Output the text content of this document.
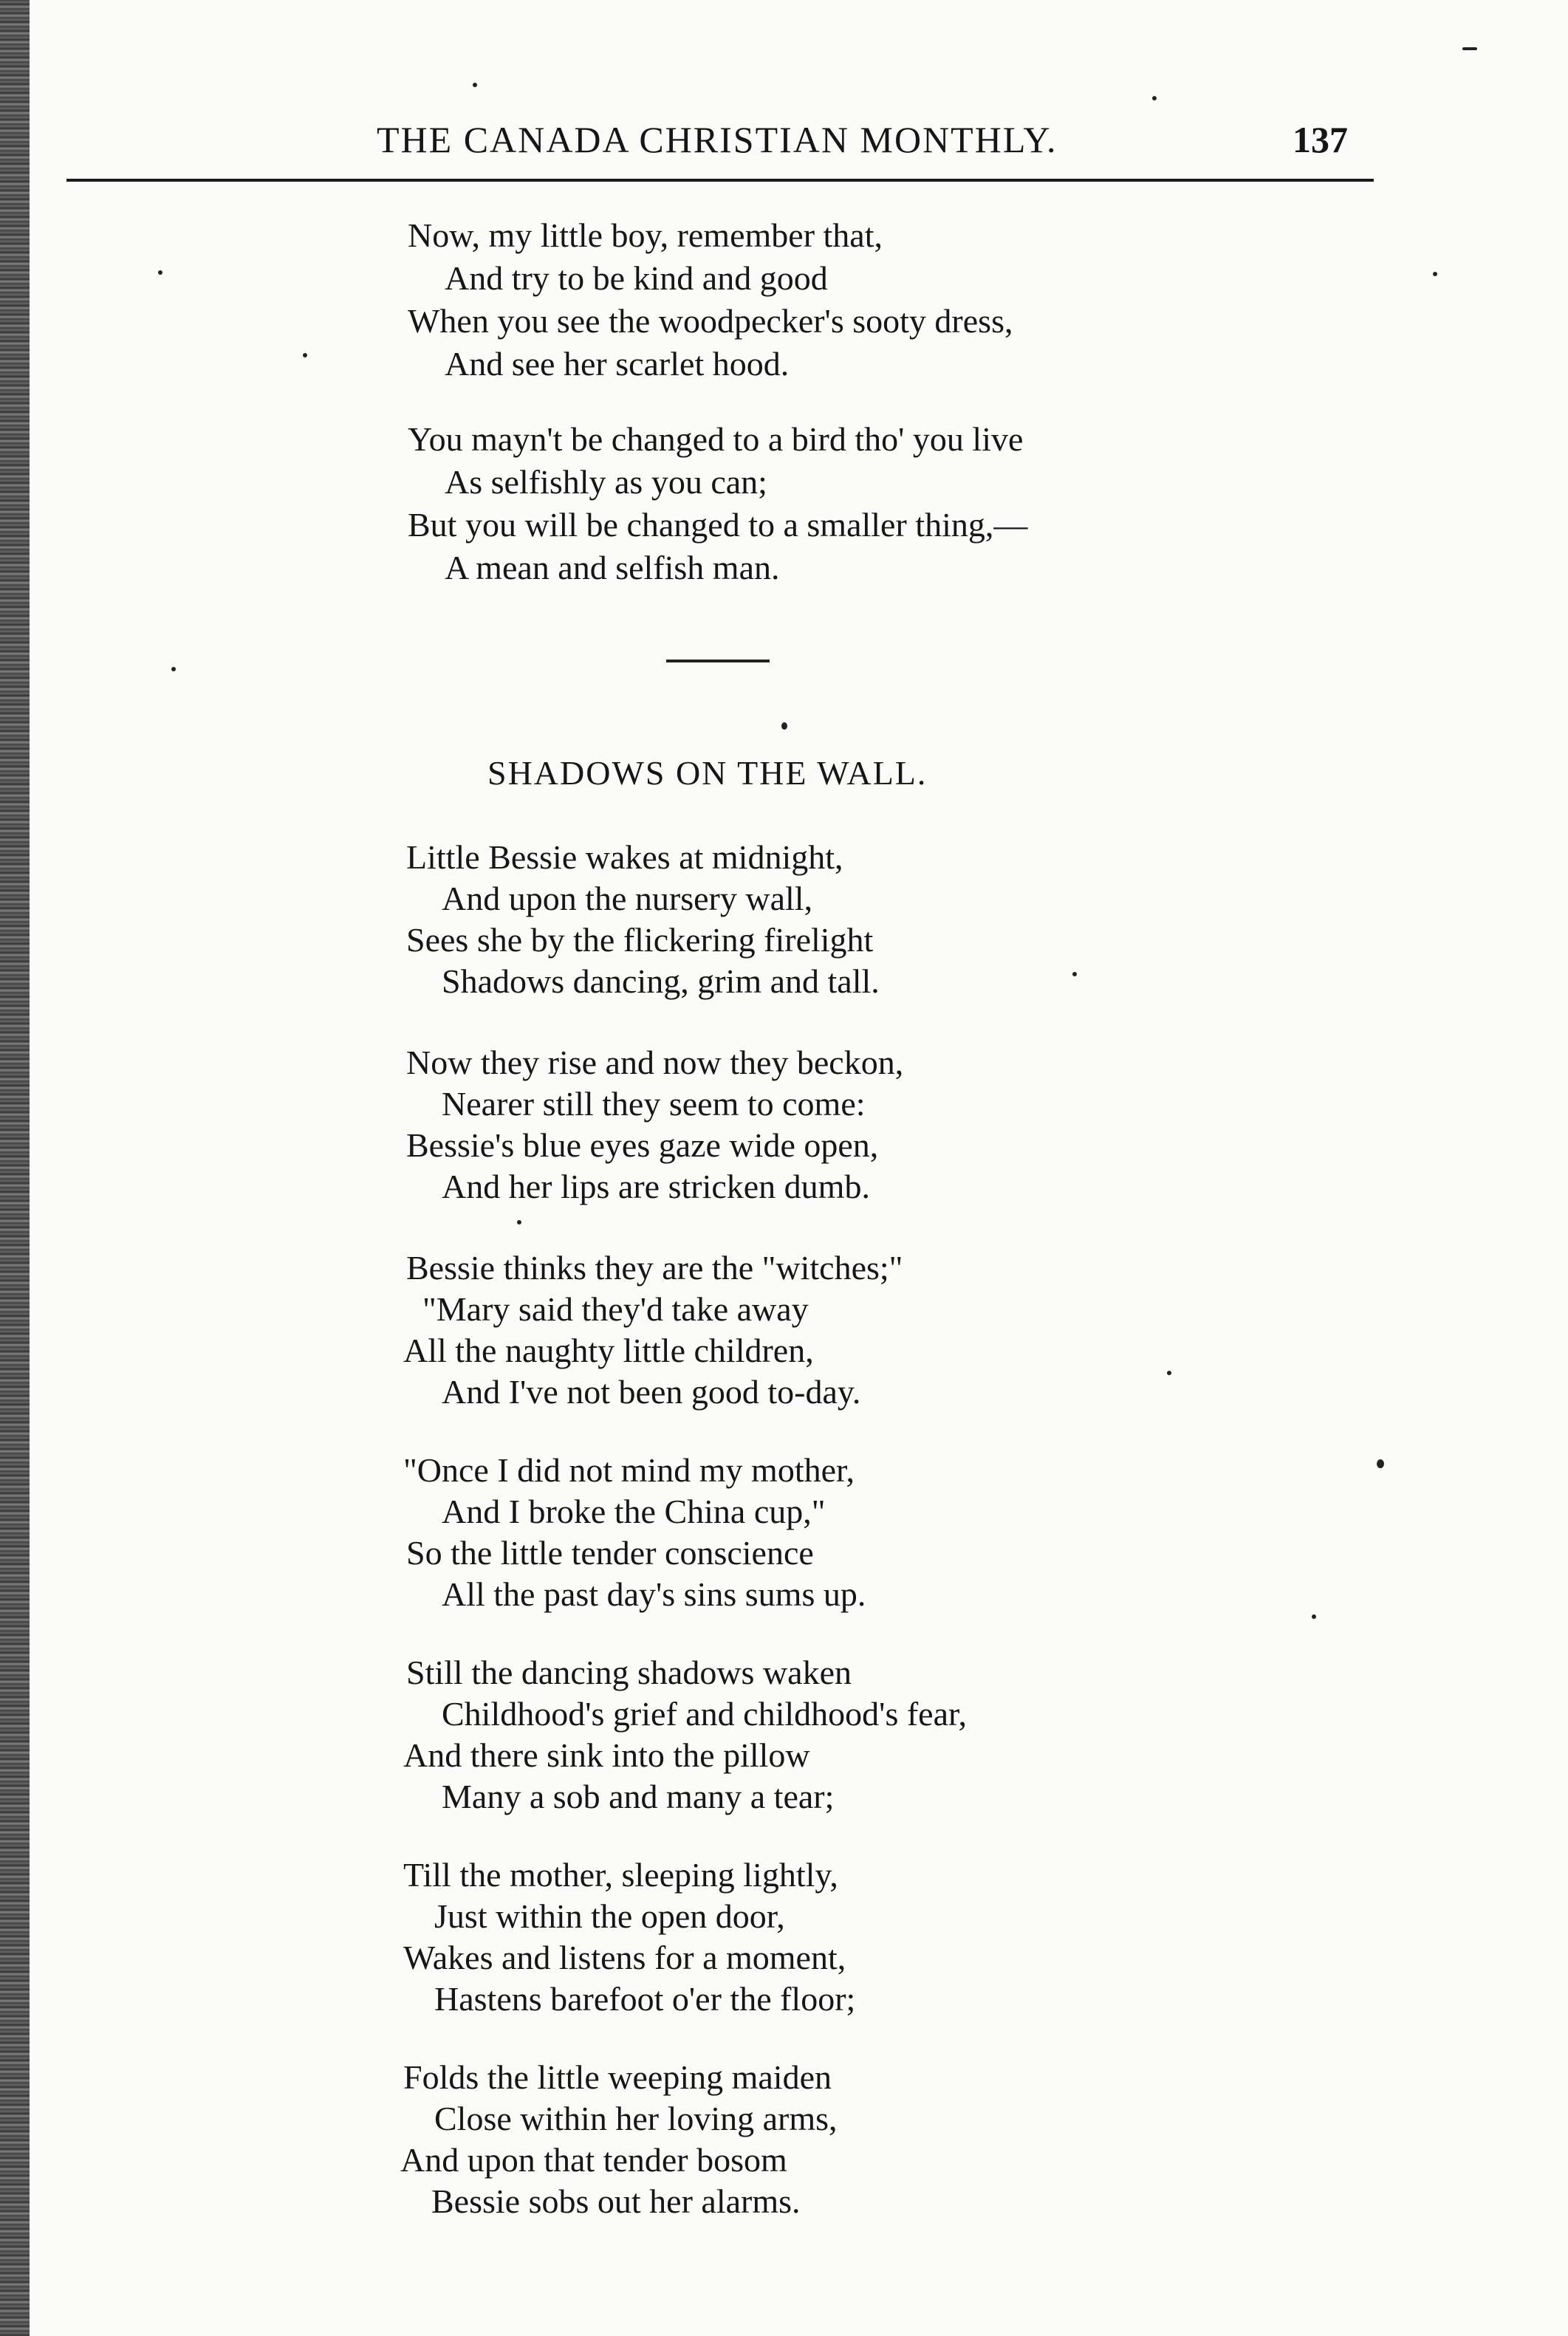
THE CANADA CHRISTIAN MONTHLY.	137
Now, my little boy, remember that,
And try to be kind and good
When you see the woodpecker's sooty dress,
And see her scarlet hood.
You mayn't be changed to a bird tho' you live
As selfishly as you can;
But you will be changed to a smaller thing,—
A mean and selfish man.
SHADOWS ON THE WALL.
Little Bessie wakes at midnight,
And upon the nursery wall,
Sees she by the flickering firelight
Shadows dancing, grim and tall.
Now they rise and now they beckon,
Nearer still they seem to come:
Bessie's blue eyes gaze wide open,
And her lips are stricken dumb.
Bessie thinks they are the "witches;"
"Mary said they'd take away
All the naughty little children,
And I've not been good to-day.
"Once I did not mind my mother,
And I broke the China cup,"
So the little tender conscience
All the past day's sins sums up.
Still the dancing shadows waken
Childhood's grief and childhood's fear,
And there sink into the pillow
Many a sob and many a tear;
Till the mother, sleeping lightly,
Just within the open door,
Wakes and listens for a moment,
Hastens barefoot o'er the floor;
Folds the little weeping maiden
Close within her loving arms,
And upon that tender bosom
Bessie sobs out her alarms.
